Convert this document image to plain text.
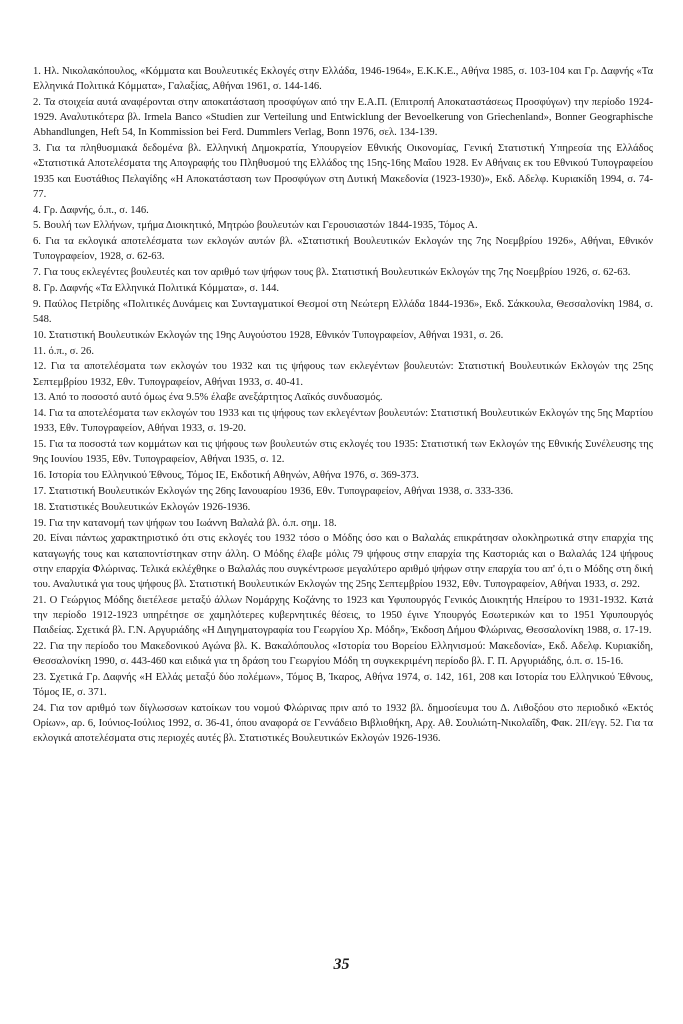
1. Ηλ. Νικολακόπουλος, «Κόμματα και Βουλευτικές Εκλογές στην Ελλάδα, 1946-1964», Ε.Κ.Κ.Ε., Αθήνα 1985, σ. 103-104 και Γρ. Δαφνής «Τα Ελληνικά Πολιτικά Κόμματα», Γαλαξίας, Αθήναι 1961, σ. 144-146.
2. Τα στοιχεία αυτά αναφέρονται στην αποκατάσταση προσφύγων από την Ε.Α.Π. (Επιτροπή Αποκαταστάσεως Προσφύγων) την περίοδο 1924-1929. Αναλυτικότερα βλ. Irmela Banco «Studien zur Verteilung und Entwicklung der Bevoelkerung von Griechenland», Bonner Geographische Abhandlungen, Heft 54, In Kommission bei Ferd. Dummlers Verlag, Bonn 1976, σελ. 134-139.
3. Για τα πληθυσμιακά δεδομένα βλ. Ελληνική Δημοκρατία, Υπουργείον Εθνικής Οικονομίας, Γενική Στατιστική Υπηρεσία της Ελλάδος «Στατιστικά Αποτελέσματα της Απογραφής του Πληθυσμού της Ελλάδος της 15ης-16ης Μαΐου 1928. Εν Αθήναις εκ του Εθνικού Τυπογραφείου 1935 και Ευστάθιος Πελαγίδης «Η Αποκατάσταση των Προσφύγων στη Δυτική Μακεδονία (1923-1930)», Εκδ. Αδελφ. Κυριακίδη 1994, σ. 74-77.
4. Γρ. Δαφνής, ό.π., σ. 146.
5. Βουλή των Ελλήνων, τμήμα Διοικητικό, Μητρώο βουλευτών και Γερουσιαστών 1844-1935, Τόμος A.
6. Για τα εκλογικά αποτελέσματα των εκλογών αυτών βλ. «Στατιστική Βουλευτικών Εκλογών της 7ης Νοεμβρίου 1926», Αθήναι, Εθνικόν Τυπογραφείον, 1928, σ. 62-63.
7. Για τους εκλεγέντες βουλευτές και τον αριθμό των ψήφων τους βλ. Στατιστική Βουλευτικών Εκλογών της 7ης Νοεμβρίου 1926, σ. 62-63.
8. Γρ. Δαφνής «Τα Ελληνικά Πολιτικά Κόμματα», σ. 144.
9. Παύλος Πετρίδης «Πολιτικές Δυνάμεις και Συνταγματικοί Θεσμοί στη Νεώτερη Ελλάδα 1844-1936», Εκδ. Σάκκουλα, Θεσσαλονίκη 1984, σ. 548.
10. Στατιστική Βουλευτικών Εκλογών της 19ης Αυγούστου 1928, Εθνικόν Τυπογραφείον, Αθήναι 1931, σ. 26.
11. ό.π., σ. 26.
12. Για τα αποτελέσματα των εκλογών του 1932 και τις ψήφους των εκλεγέντων βουλευτών: Στατιστική Βουλευτικών Εκλογών της 25ης Σεπτεμβρίου 1932, Εθν. Τυπογραφείον, Αθήναι 1933, σ. 40-41.
13. Από το ποσοστό αυτό όμως ένα 9.5% έλαβε ανεξάρτητος Λαϊκός συνδυασμός.
14. Για τα αποτελέσματα των εκλογών του 1933 και τις ψήφους των εκλεγέντων βουλευτών: Στατιστική Βουλευτικών Εκλογών της 5ης Μαρτίου 1933, Εθν. Τυπογραφείον, Αθήναι 1933, σ. 19-20.
15. Για τα ποσοστά των κομμάτων και τις ψήφους των βουλευτών στις εκλογές του 1935: Στατιστική των Εκλογών της Εθνικής Συνέλευσης της 9ης Ιουνίου 1935, Εθν. Τυπογραφείον, Αθήναι 1935, σ. 12.
16. Ιστορία του Ελληνικού Έθνους, Τόμος ΙΕ, Εκδοτική Αθηνών, Αθήνα 1976, σ. 369-373.
17. Στατιστική Βουλευτικών Εκλογών της 26ης Ιανουαρίου 1936, Εθν. Τυπογραφείον, Αθήναι 1938, σ. 333-336.
18. Στατιστικές Βουλευτικών Εκλογών 1926-1936.
19. Για την κατανομή των ψήφων του Ιωάννη Βαλαλά βλ. ό.π. σημ. 18.
20. Είναι πάντως χαρακτηριστικό ότι στις εκλογές του 1932 τόσο ο Μόδης όσο και ο Βαλαλάς επικράτησαν ολοκληρωτικά στην επαρχία της καταγωγής τους και καταποντίστηκαν στην άλλη. Ο Μόδης έλαβε μόλις 79 ψήφους στην επαρχία της Καστοριάς και ο Βαλαλάς 124 ψήφους στην επαρχία Φλώρινας. Τελικά εκλέχθηκε ο Βαλαλάς που συγκέντρωσε μεγαλύτερο αριθμό ψήφων στην επαρχία του απ' ό,τι ο Μόδης στη δική του. Αναλυτικά για τους ψήφους βλ. Στατιστική Βουλευτικών Εκλογών της 25ης Σεπτεμβρίου 1932, Εθν. Τυπογραφείον, Αθήναι 1933, σ. 292.
21. Ο Γεώργιος Μόδης διετέλεσε μεταξύ άλλων Νομάρχης Κοζάνης το 1923 και Υφυπουργός Γενικός Διοικητής Ηπείρου το 1931-1932. Κατά την περίοδο 1912-1923 υπηρέτησε σε χαμηλότερες κυβερνητικές θέσεις, το 1950 έγινε Υπουργός Εσωτερικών και το 1951 Υφυπουργός Παιδείας. Σχετικά βλ. Γ.Ν. Αργυριάδης «Η Διηγηματογραφία του Γεωργίου Χρ. Μόδη», Έκδοση Δήμου Φλώρινας, Θεσσαλονίκη 1988, σ. 17-19.
22. Για την περίοδο του Μακεδονικού Αγώνα βλ. Κ. Βακαλόπουλος «Ιστορία του Βορείου Ελληνισμού: Μακεδονία», Εκδ. Αδελφ. Κυριακίδη, Θεσσαλονίκη 1990, σ. 443-460 και ειδικά για τη δράση του Γεωργίου Μόδη τη συγκεκριμένη περίοδο βλ. Γ. Π. Αργυριάδης, ό.π. σ. 15-16.
23. Σχετικά Γρ. Δαφνής «Η Ελλάς μεταξύ δύο πολέμων», Τόμος Β, Ίκαρος, Αθήνα 1974, σ. 142, 161, 208 και Ιστορία του Ελληνικού Έθνους, Τόμος ΙΕ, σ. 371.
24. Για τον αριθμό των δίγλωσσων κατοίκων του νομού Φλώρινας πριν από το 1932 βλ. δημοσίευμα του Δ. Λιθοξόου στο περιοδικό «Εκτός Ορίων», αρ. 6, Ιούνιος-Ιούλιος 1992, σ. 36-41, όπου αναφορά σε Γεννάδειο Βιβλιοθήκη, Αρχ. Αθ. Σουλιώτη-Νικολαΐδη, Φακ. 2ΙΙ/εγγ. 52. Για τα εκλογικά αποτελέσματα στις περιοχές αυτές βλ. Στατιστικές Βουλευτικών Εκλογών 1926-1936.
35
